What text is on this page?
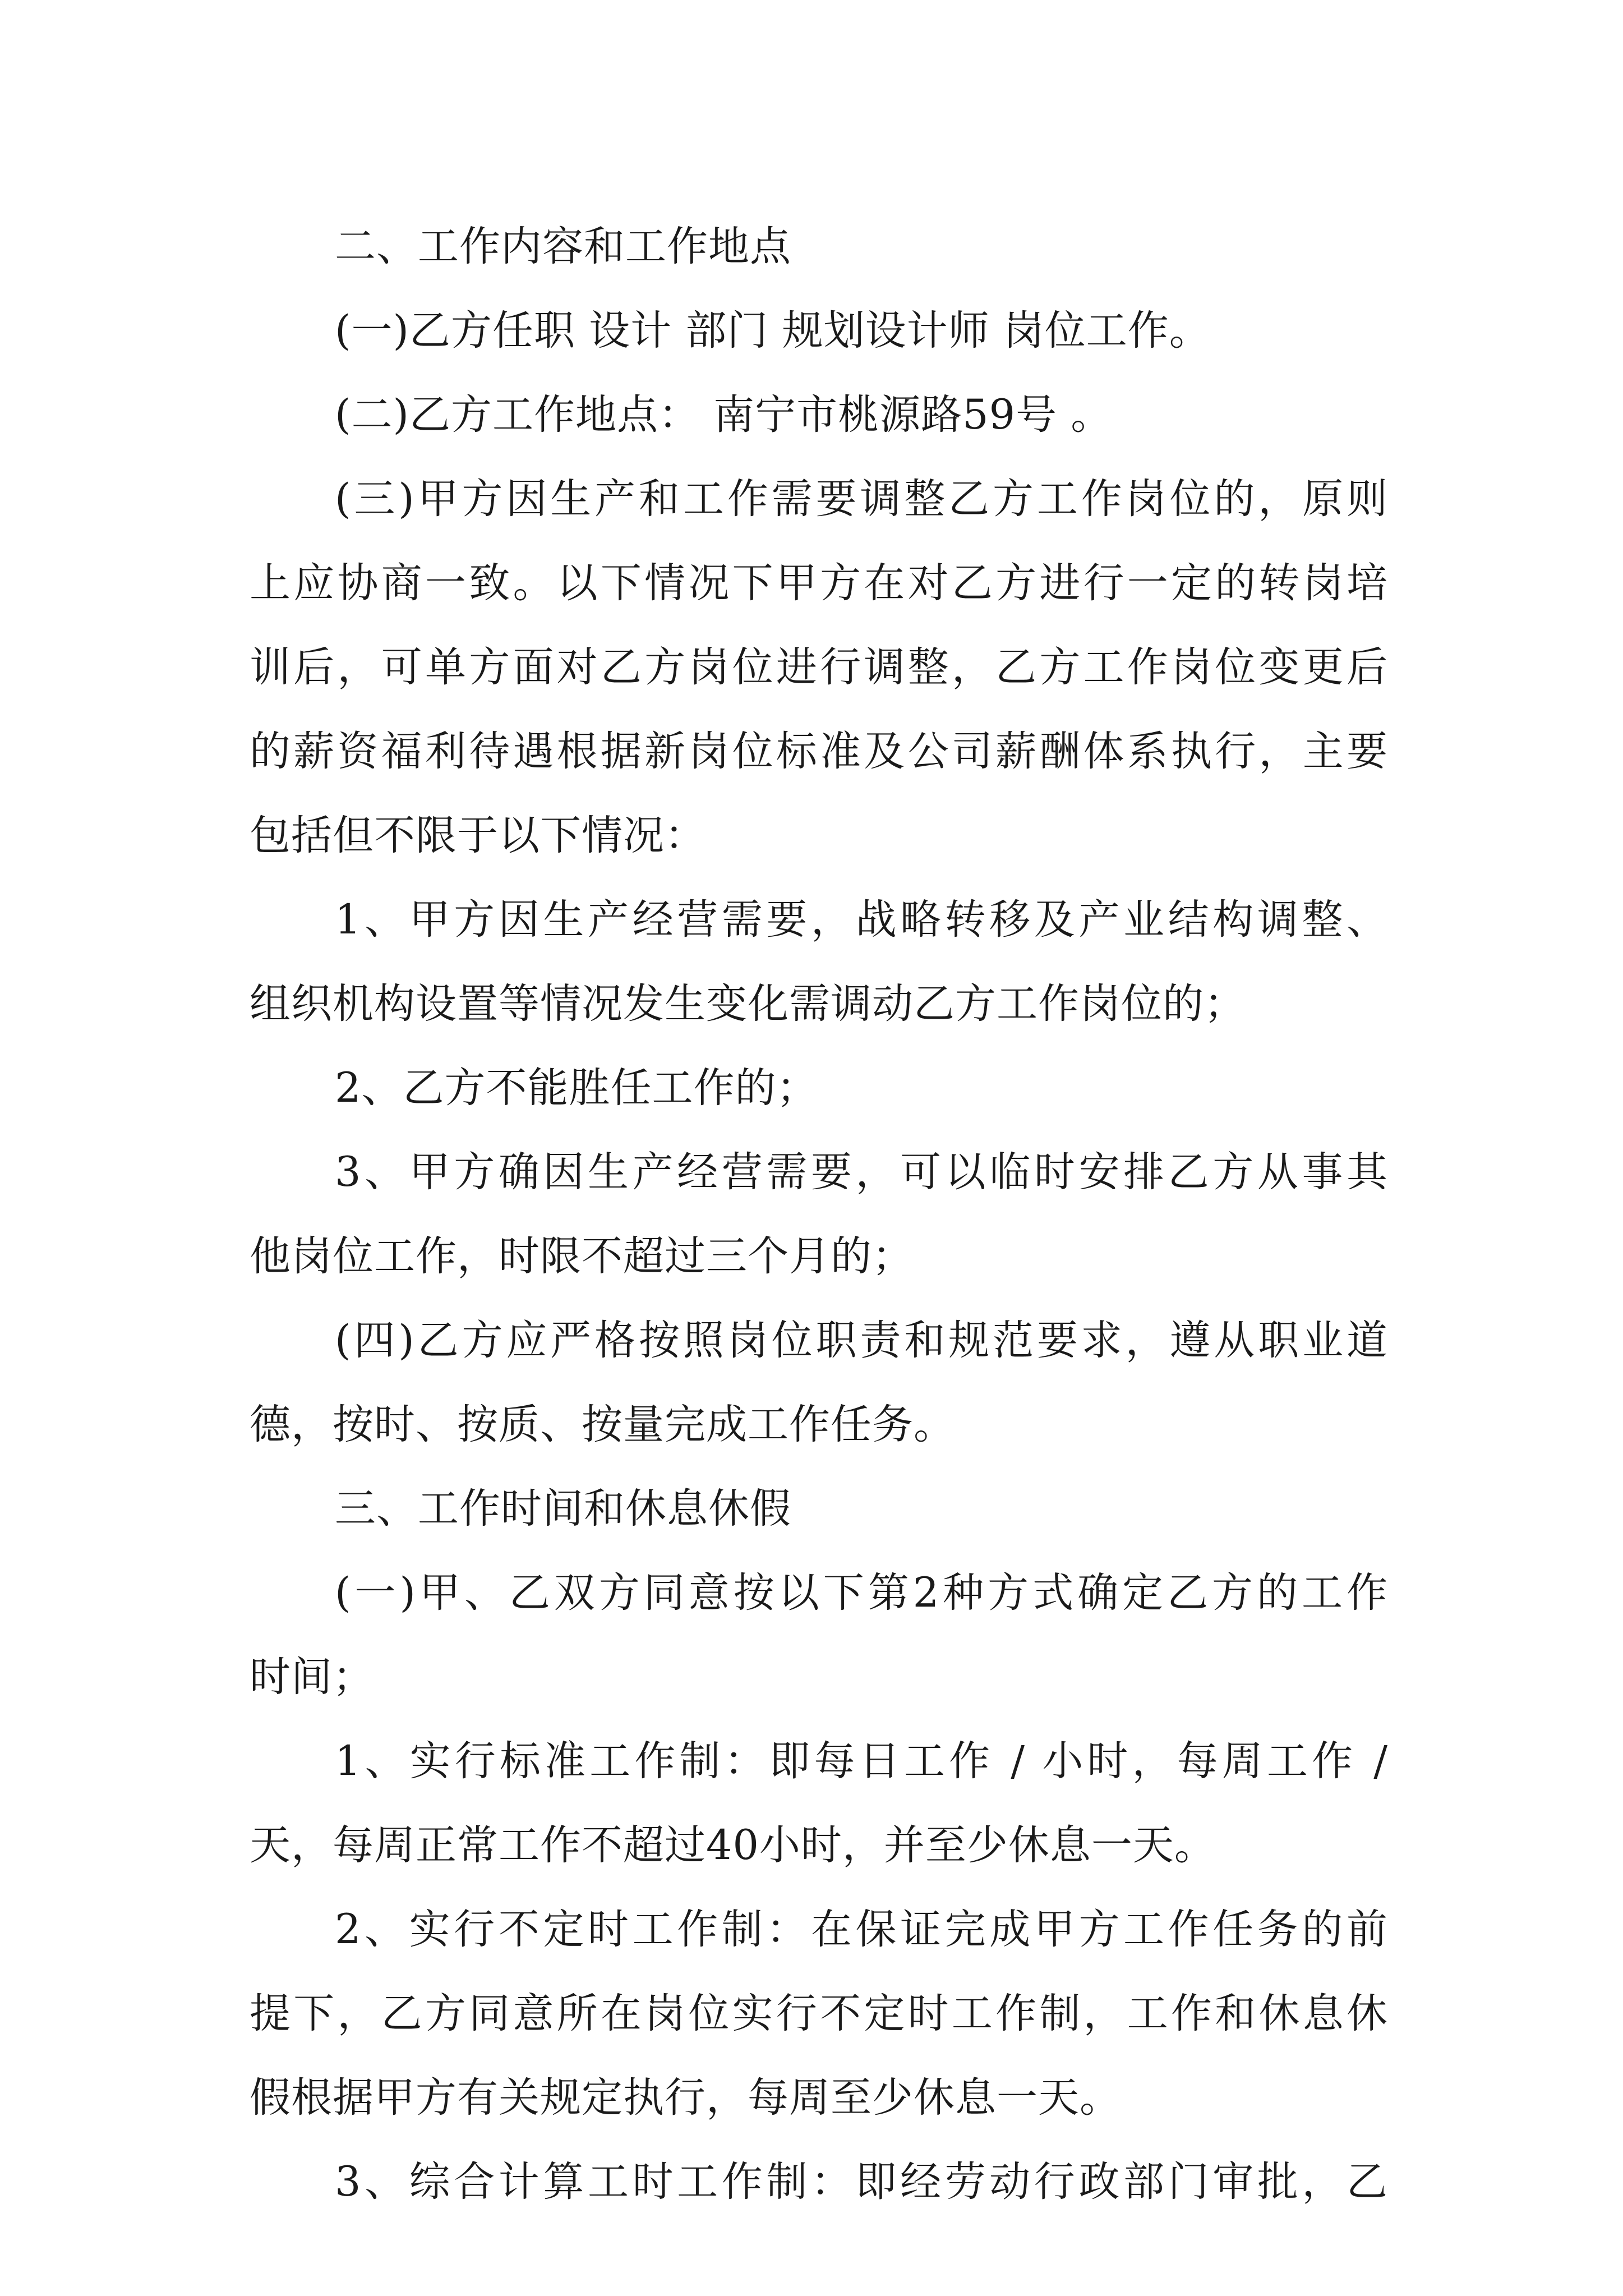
二、工作内容和工作地点
(一)乙方任职 设计 部门 规划设计师 岗位工作。
(二)乙方工作地点： 南宁市桃源路59号 。
(三)甲方因生产和工作需要调整乙方工作岗位的，原则
上应协商一致。以下情况下甲方在对乙方进行一定的转岗培
训后，可单方面对乙方岗位进行调整，乙方工作岗位变更后
的薪资福利待遇根据新岗位标准及公司薪酬体系执行，主要
包括但不限于以下情况：
1、甲方因生产经营需要，战略转移及产业结构调整、
组织机构设置等情况发生变化需调动乙方工作岗位的；
2、乙方不能胜任工作的；
3、甲方确因生产经营需要，可以临时安排乙方从事其
他岗位工作，时限不超过三个月的；
(四)乙方应严格按照岗位职责和规范要求，遵从职业道
德，按时、按质、按量完成工作任务。
三、工作时间和休息休假
(一)甲、乙双方同意按以下第2种方式确定乙方的工作
时间；
1、实行标准工作制：即每日工作 / 小时，每周工作 /
天，每周正常工作不超过40小时，并至少休息一天。
2、实行不定时工作制：在保证完成甲方工作任务的前
提下，乙方同意所在岗位实行不定时工作制，工作和休息休
假根据甲方有关规定执行，每周至少休息一天。
3、综合计算工时工作制：即经劳动行政部门审批，乙
